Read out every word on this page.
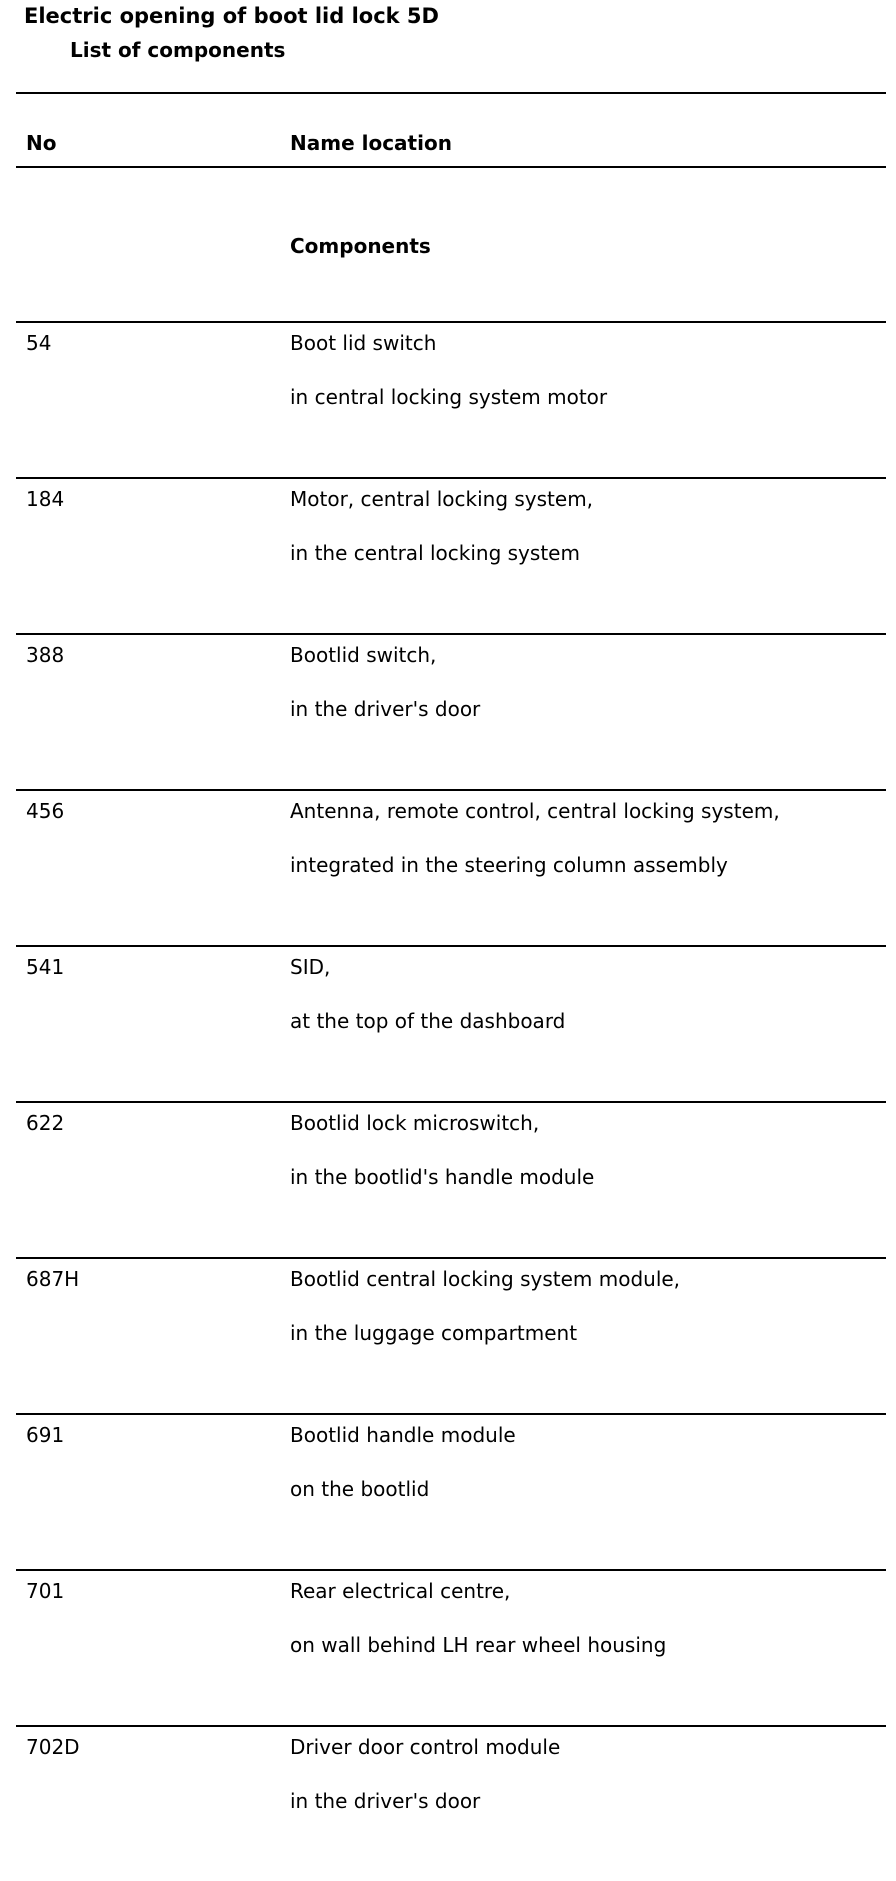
Electric opening of boot lid lock 5D
List of components
No	Name location
Components
54	Boot lid switch
in central locking system motor
184	Motor, central locking system,
in the central locking system
388	Bootlid switch,
in the driver's door
456	Antenna, remote control, central locking system,
integrated in the steering column assembly
541	SID,
at the top of the dashboard
622	Bootlid lock microswitch,
in the bootlid's handle module
687H	Bootlid central locking system module,
in the luggage compartment
691	Bootlid handle module
on the bootlid
701	Rear electrical centre,
on wall behind LH rear wheel housing
702D	Driver door control module
in the driver's door
